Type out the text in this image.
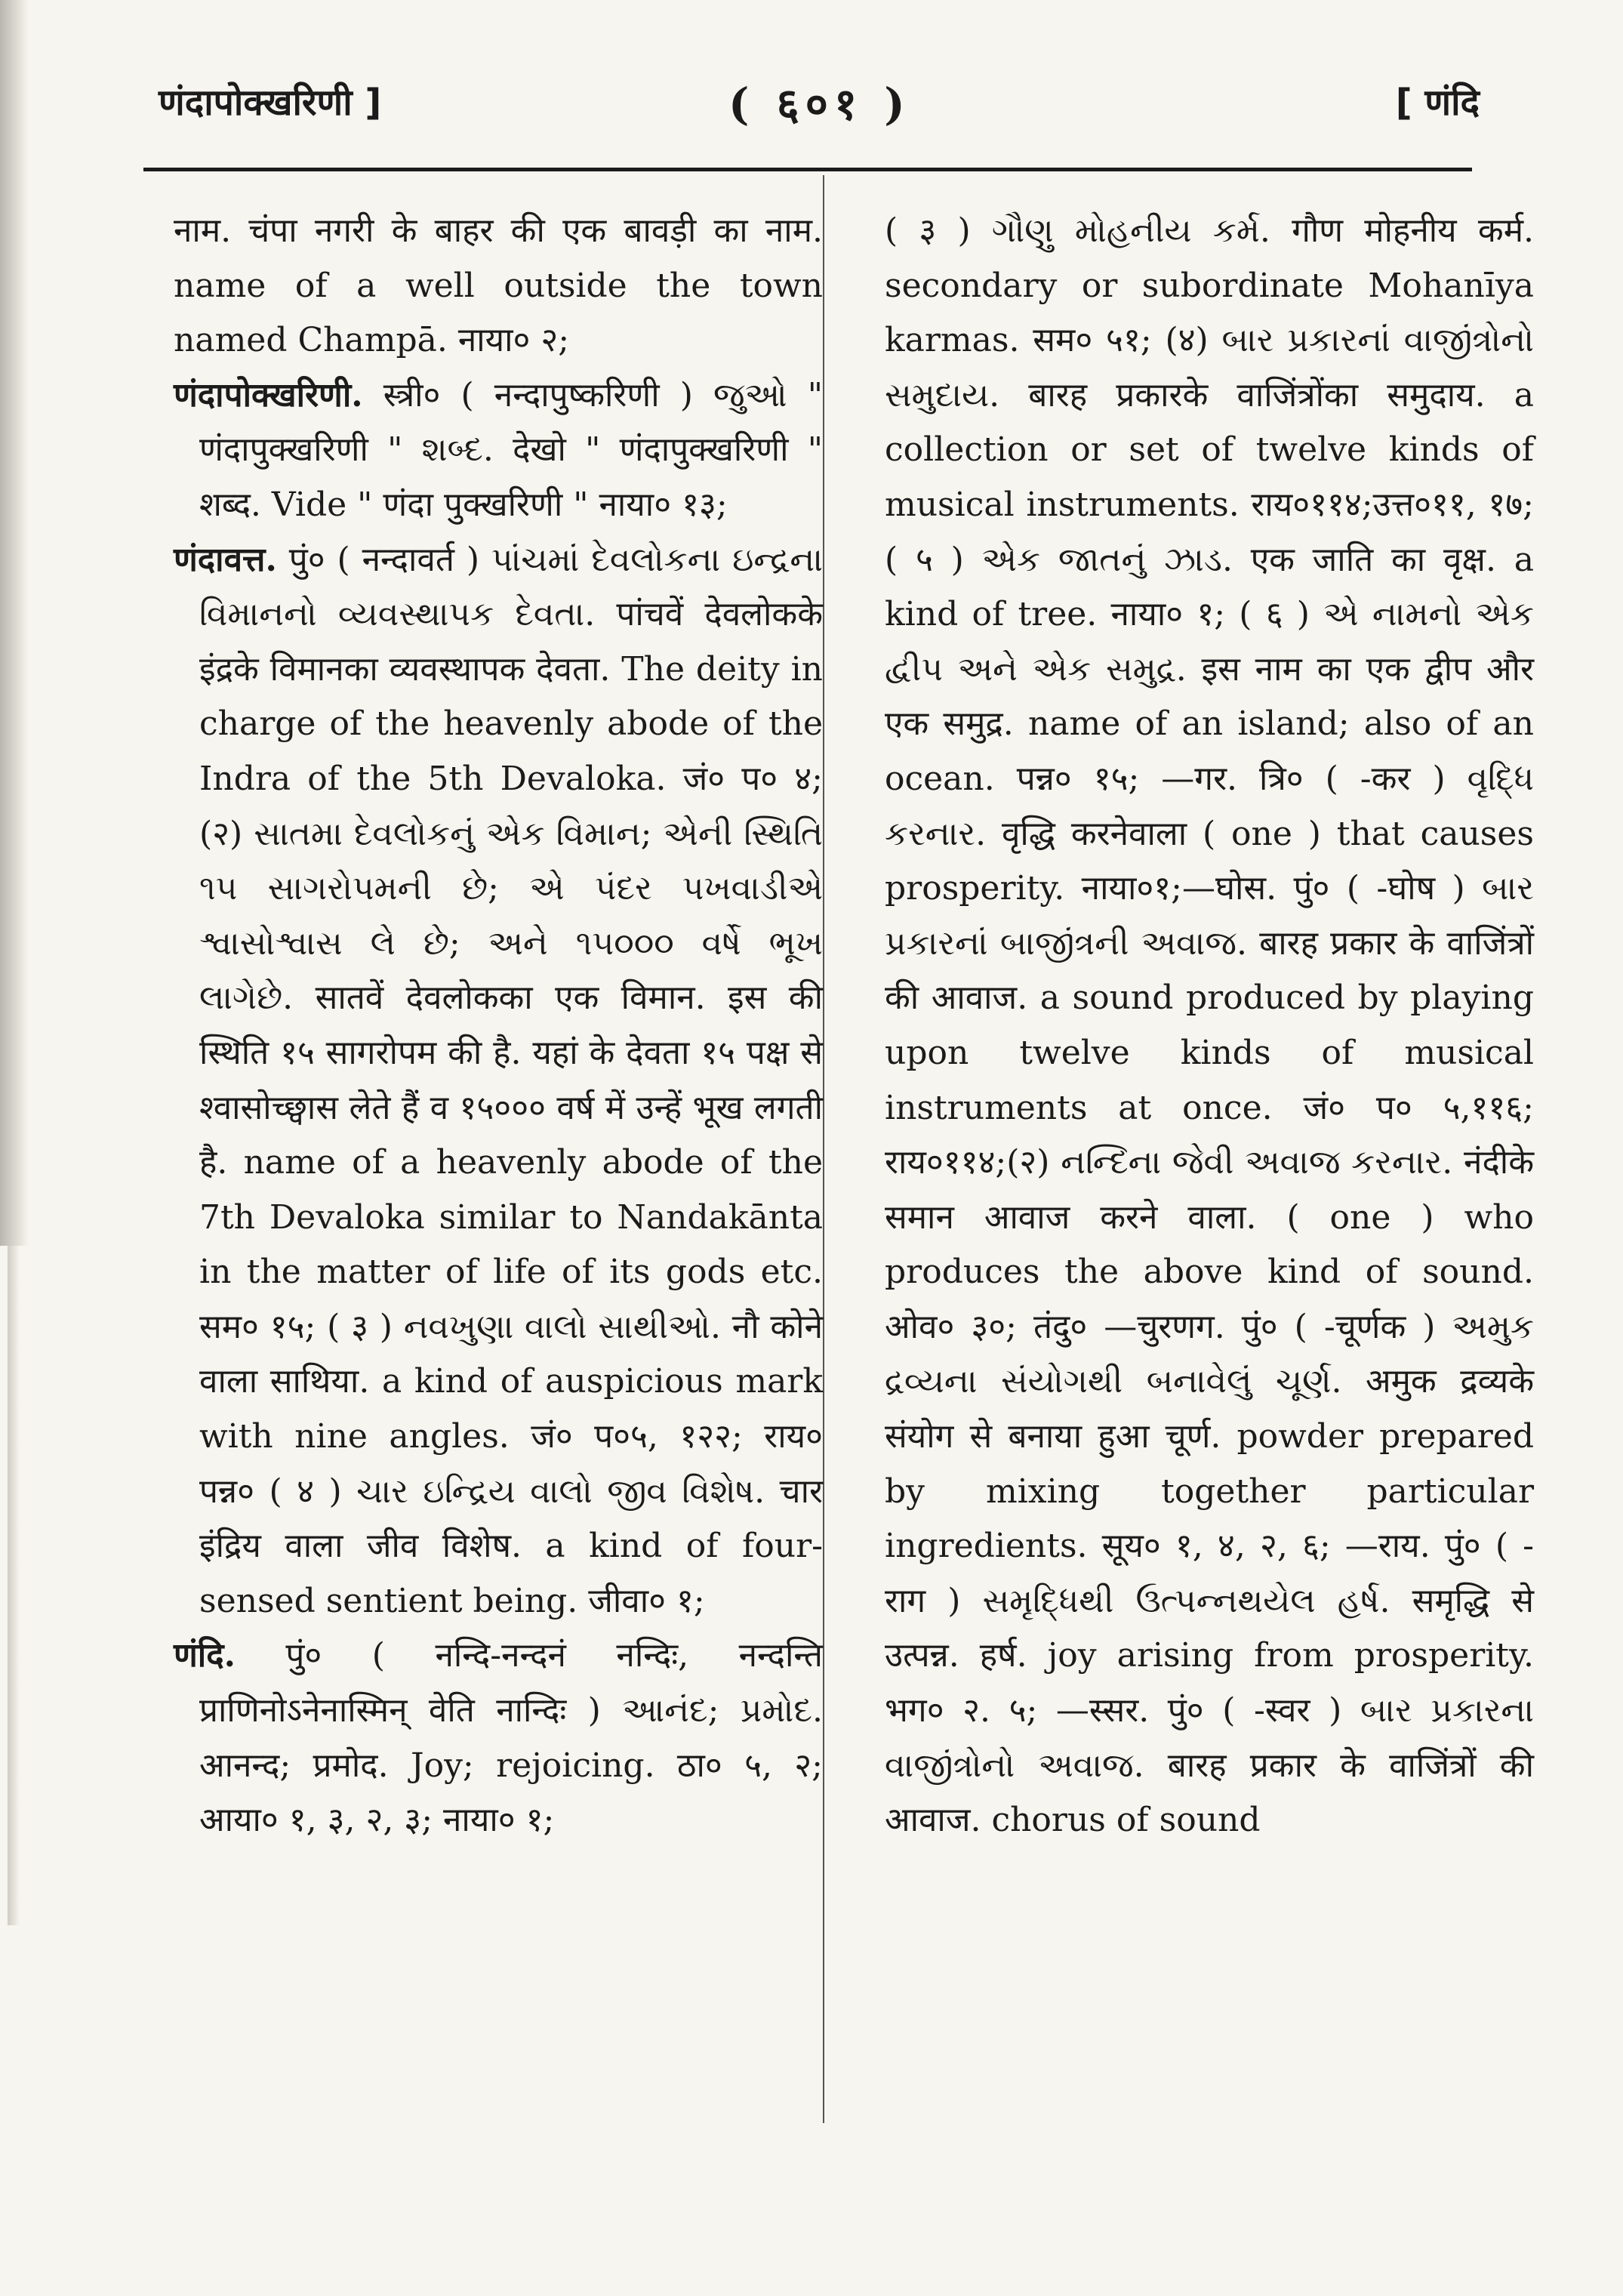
णंदापोक्खरिणी ]	( ६०१ )	[ णंदि

नाम. चंपा नगरी के बाहर की एक बावड़ी का नाम. name of a well outside the town named Champā. नाया० २;

णंदापोक्खरिणी. स्त्री० ( नन्दापुष्करिणी ) જુઓ " णंदापुक्खरिणी " શબ્દ. देखो " णंदापुक्खरिणी " शब्द. Vide " णंदा पुक्खरिणी " नाया० १३;

णंदावत्त. पुं० ( नन्दावर्त ) પાંચમાં દેવલોકના ઇન્દ્રના વિમાનનો વ્યવસ્થાપક દેવતા. पांचवें देवलोकके इंद्रके विमानका व्यवस्थापक देवता. The deity in charge of the heavenly abode of the Indra of the 5th Devaloka. जं० प० ४; (२) સાતમા દેવલોકનું એક વિમાન; એની સ્થિતિ ૧૫ સાગરોપમની છે; એ પંદર પખવાડીએ શ્વાસોશ્વાસ લે છે; અને ૧૫૦૦૦ વર્ષે ભૂખ લાગેછે. सातवें देवलोकका एक विमान. इस की स्थिति १५ सागरोपम की है. यहां के देवता १५ पक्ष से श्वासोच्छ्वास लेते हैं व १५००० वर्ष में उन्हें भूख लगती है. name of a heavenly abode of the 7th Devaloka similar to Nandakānta in the matter of life of its gods etc. सम० १५; ( ३ ) નવખુણા વાલો સાથીઓ. नौ कोने वाला साथिया. a kind of auspicious mark with nine angles. जं० प०५, १२२; राय० पन्न० ( ४ ) ચાર ઇન્દ્રિય વાલો જીવ વિશેષ. चार इंद्रिय वाला जीव विशेष. a kind of four-sensed sentient being. जीवा० १;

णंदि. पुं० ( नन्दि-नन्दनं नन्दिः, नन्दन्ति प्राणिनोऽनेनास्मिन् वेति नान्दिः ) આનંદ; પ્રમોદ. आनन्द; प्रमोद. Joy; rejoicing. ठा० ५, २; आया० १, ३, २, ३; नाया० १;

( ३ ) ગૌણુ મોહનીય કર્મ. गौण मोहनीय कर्म. secondary or subordinate Mohanīya karmas. सम० ५१; (४) બાર પ્રકારનાં વાજીંત્રોનો સમુદાય. बारह प्रकारके वाजिंत्रोंका समुदाय. a collection or set of twelve kinds of musical instruments. राय०११४;उत्त०११, १७; ( ५ ) એક જાતનું ઝાડ. एक जाति का वृक्ष. a kind of tree. नाया० १; ( ६ ) એ નામનો એક દ્વીપ અને એક સમુદ્ર. इस नाम का एक द्वीप और एक समुद्र. name of an island; also of an ocean. पन्न० १५; —गर. त्रि० ( -कर ) વૃદ્ધિ કરનાર. वृद्धि करनेवाला ( one ) that causes prosperity. नाया०१;—घोस. पुं० ( -घोष ) બાર પ્રકારનાં બાજીંત્રની અવાજ. बारह प्रकार के वाजिंत्रों की आवाज. a sound produced by playing upon twelve kinds of musical instruments at once. जं० प० ५,११६; राय०११४;(२) નન્દિના જેવી અવાજ કરનાર. नंदीके समान आवाज करने वाला. ( one ) who produces the above kind of sound. ओव० ३०; तंदु० —चुरणग. पुं० ( -चूर्णक ) અમુક દ્રવ્યના સંયોગથી બનાવેલું ચૂર્ણ. अमुक द्रव्यके संयोग से बनाया हुआ चूर्ण. powder prepared by mixing together particular ingredients. सूय० १, ४, २, ६; —राय. पुं० ( -राग ) સમૃદ્ધિથી ઉત્પન્નથયેલ હર્ષ. समृद्धि से उत्पन्न. हर्ष. joy arising from prosperity. भग० २. ५; —स्सर. पुं० ( -स्वर ) બાર પ્રકારના વાજીંત્રોનો અવાજ. बारह प्रकार के वाजिंत्रों की आवाज. chorus of sound
